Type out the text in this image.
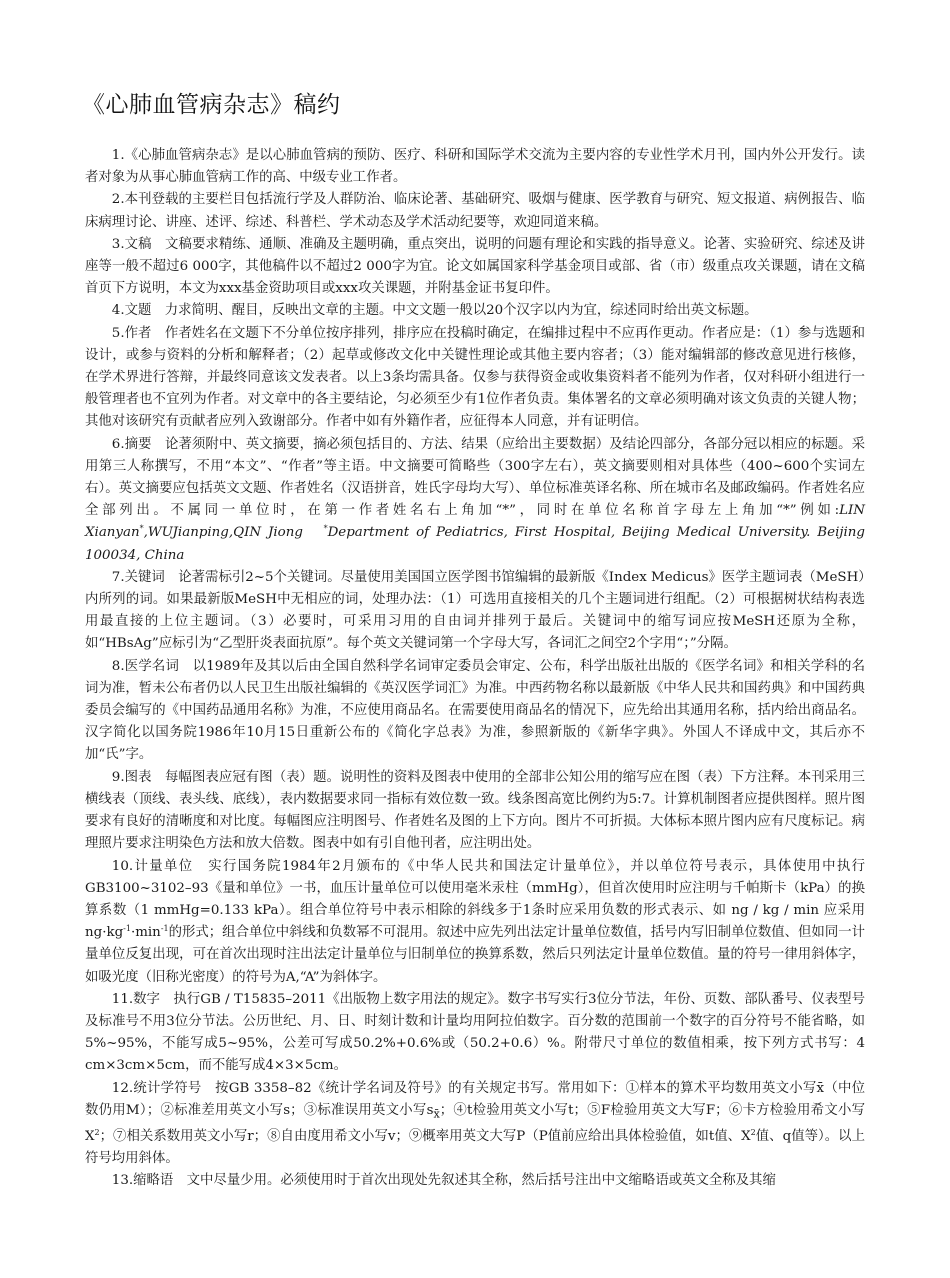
《心肺血管病杂志》稿约

1.《心肺血管病杂志》是以心肺血管病的预防、医疗、科研和国际学术交流为主要内容的专业性学术月刊，国内外公开发行。读者对象为从事心肺血管病工作的高、中级专业工作者。

2.本刊登载的主要栏目包括流行学及人群防治、临床论著、基础研究、吸烟与健康、医学教育与研究、短文报道、病例报告、临床病理讨论、讲座、述评、综述、科普栏、学术动态及学术活动纪要等，欢迎同道来稿。

3.文稿　文稿要求精练、通顺、准确及主题明确，重点突出，说明的问题有理论和实践的指导意义。论著、实验研究、综述及讲座等一般不超过6 000字，其他稿件以不超过2 000字为宜。论文如属国家科学基金项目或部、省（市）级重点攻关课题，请在文稿首页下方说明，本文为xxx基金资助项目或xxx攻关课题，并附基金证书复印件。

4.文题　力求简明、醒目，反映出文章的主题。中文文题一般以20个汉字以内为宜，综述同时给出英文标题。

5.作者　作者姓名在文题下不分单位按序排列，排序应在投稿时确定，在编排过程中不应再作更动。作者应是：（1）参与选题和设计，或参与资料的分析和解释者；（2）起草或修改文化中关键性理论或其他主要内容者；（3）能对编辑部的修改意见进行核修，在学术界进行答辩，并最终同意该文发表者。以上3条均需具备。仅参与获得资金或收集资料者不能列为作者，仅对科研小组进行一般管理者也不宜列为作者。对文章中的各主要结论，匀必须至少有1位作者负责。集体署名的文章必须明确对该文负责的关键人物；其他对该研究有贡献者应列入致谢部分。作者中如有外籍作者，应征得本人同意，并有证明信。

6.摘要　论著须附中、英文摘要，摘必须包括目的、方法、结果（应给出主要数据）及结论四部分，各部分冠以相应的标题。采用第三人称撰写，不用“本文”、“作者”等主语。中文摘要可简略些（300字左右），英文摘要则相对具体些（400~600个实词左右）。英文摘要应包括英文文题、作者姓名（汉语拼音，姓氏字母均大写）、单位标准英译名称、所在城市名及邮政编码。作者姓名应全部列出。不属同一单位时，在第一作者姓名右上角加“*”，同时在单位名称首字母左上角加“*”例如:LIN Xianyan*,WUJianping,QIN Jiong	*Department of Pediatrics, First Hospital, Beijing Medical University. Beijing 100034, China

7.关键词　论著需标引2~5个关键词。尽量使用美国国立医学图书馆编辑的最新版《Index Medicus》医学主题词表（MeSH）内所列的词。如果最新版MeSH中无相应的词，处理办法：（1）可选用直接相关的几个主题词进行组配。（2）可根据树状结构表选用最直接的上位主题词。（3）必要时，可采用习用的自由词并排列于最后。关键词中的缩写词应按MeSH还原为全称，如“HBsAg”应标引为“乙型肝炎表面抗原”。每个英文关键词第一个字母大写，各词汇之间空2个字用“；”分隔。

8.医学名词　以1989年及其以后由全国自然科学名词审定委员会审定、公布，科学出版社出版的《医学名词》和相关学科的名词为准，暂未公布者仍以人民卫生出版社编辑的《英汉医学词汇》为准。中西药物名称以最新版《中华人民共和国药典》和中国药典委员会编写的《中国药品通用名称》为准，不应使用商品名。在需要使用商品名的情况下，应先给出其通用名称，括内给出商品名。汉字简化以国务院1986年10月15日重新公布的《简化字总表》为准，参照新版的《新华字典》。外国人不译成中文，其后亦不加“氏”字。

9.图表　每幅图表应冠有图（表）题。说明性的资料及图表中使用的全部非公知公用的缩写应在图（表）下方注释。本刊采用三横线表（顶线、表头线、底线），表内数据要求同一指标有效位数一致。线条图高宽比例约为5:7。计算机制图者应提供图样。照片图要求有良好的清晰度和对比度。每幅图应注明图号、作者姓名及图的上下方向。图片不可折损。大体标本照片图内应有尺度标记。病理照片要求注明染色方法和放大倍数。图表中如有引自他刊者，应注明出处。

10.计量单位　实行国务院1984年2月颁布的《中华人民共和国法定计量单位》，并以单位符号表示，具体使用中执行GB3100~3102–93《量和单位》一书，血压计量单位可以使用毫米汞柱（mmHg），但首次使用时应注明与千帕斯卡（kPa）的换算系数（1 mmHg=0.133 kPa）。组合单位符号中表示相除的斜线多于1条时应采用负数的形式表示、如 ng / kg / min 应采用$ng\cdot kg^{-1}\cdot\min^{-1}$的形式；组合单位中斜线和负数幂不可混用。叙述中应先列出法定计量单位数值，括号内写旧制单位数值、但如同一计量单位反复出现，可在首次出现时注出法定计量单位与旧制单位的换算系数，然后只列法定计量单位数值。量的符号一律用斜体字，如吸光度（旧称光密度）的符号为A,“A”为斜体字。

11.数字　执行GB / T15835–2011《出版物上数字用法的规定》。数字书写实行3位分节法，年份、页数、部队番号、仪表型号及标准号不用3位分节法。公历世纪、月、日、时刻计数和计量均用阿拉伯数字。百分数的范围前一个数字的百分符号不能省略，如5%~95%，不能写成5~95%，公差可写成50.2%+0.6%或（50.2+0.6）%。附带尺寸单位的数值相乘，按下列方式书写：4 cm×3cm×5cm，而不能写成4×3×5cm。

12.统计学符号　按GB 3358–82《统计学名词及符号》的有关规定书写。常用如下：①样本的算术平均数用英文小写x̄（中位数仍用M）；②标准差用英文小写s；③标准误用英文小写$s_{x̄}$；④t检验用英文小写t；⑤F检验用英文大写F；⑥卡方检验用希文小写$X^2$；⑦相关系数用英文小写r；⑧自由度用希文小写v；⑨概率用英文大写P（P值前应给出具体检验值，如t值、$X^2$值、q值等）。以上符号均用斜体。

13.缩略语　文中尽量少用。必须使用时于首次出现处先叙述其全称，然后括号注出中文缩略语或英文全称及其缩
